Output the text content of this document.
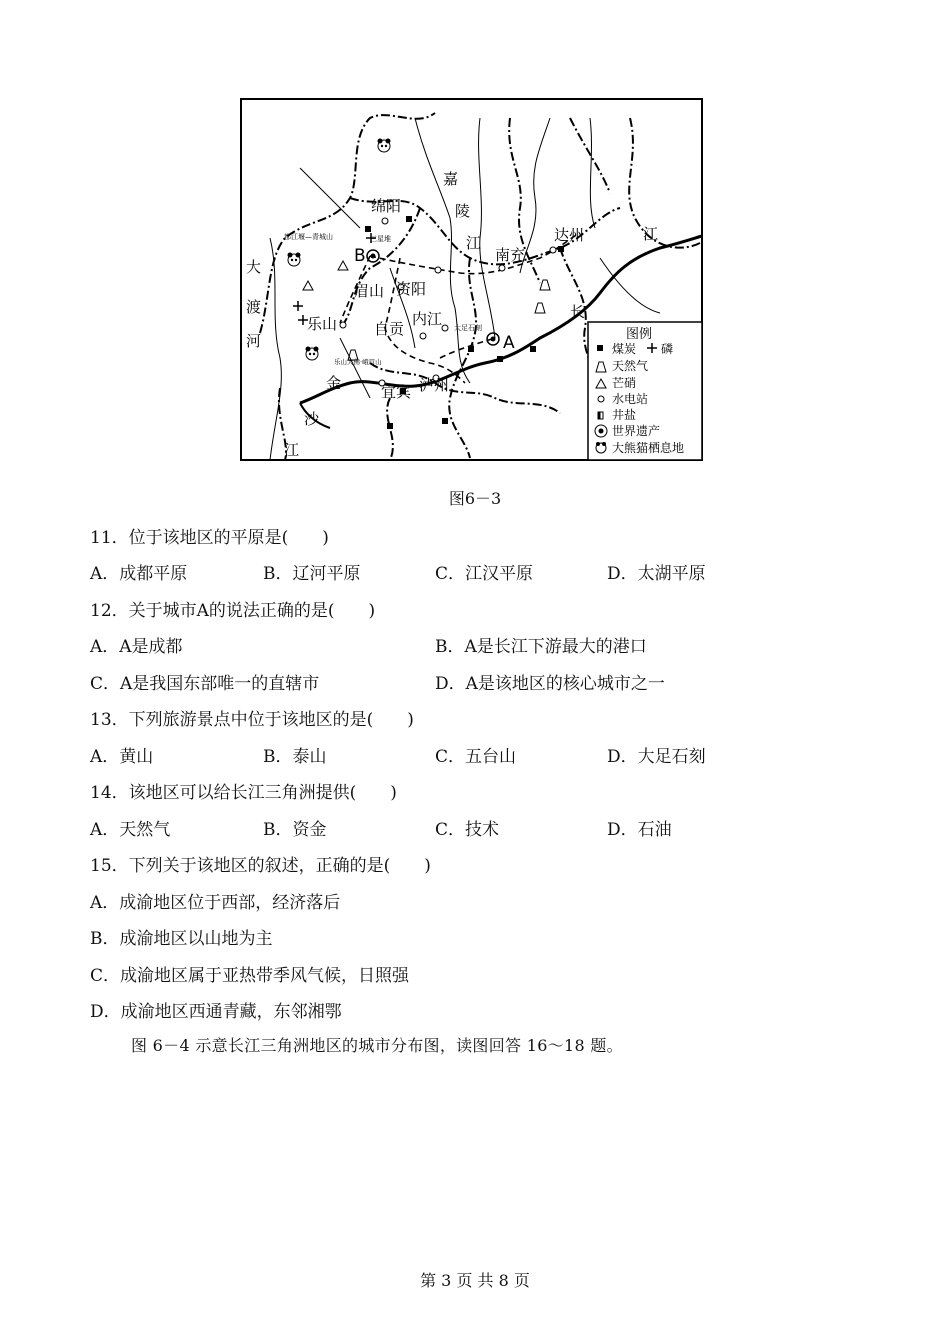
嘉
陵
江
绵阳
达州
南充
B
A
眉山 资阳
内江
自贡
乐山
宜宾 泸州
江
长
大
渡
河
金
沙
江
都江堰—青城山	三星堆
大足石刻
乐山大佛·峨眉山
图例
煤炭 磷
天然气
芒硝
水电站
井盐
世界遗产
大熊猫栖息地
图6－3
11．位于该地区的平原是(　　)
A．成都平原	B．辽河平原	C．江汉平原	D．太湖平原
12．关于城市A的说法正确的是(　　)
A．A是成都	B．A是长江下游最大的港口
C．A是我国东部唯一的直辖市	D．A是该地区的核心城市之一
13．下列旅游景点中位于该地区的是(　　)
A．黄山	B．泰山	C．五台山	D．大足石刻
14．该地区可以给长江三角洲提供(　　)
A．天然气	B．资金	C．技术	D．石油
15．下列关于该地区的叙述，正确的是(　　)
A．成渝地区位于西部，经济落后
B．成渝地区以山地为主
C．成渝地区属于亚热带季风气候，日照强
D．成渝地区西通青藏，东邻湘鄂
图 6－4 示意长江三角洲地区的城市分布图，读图回答 16～18 题。
第 3 页 共 8 页
